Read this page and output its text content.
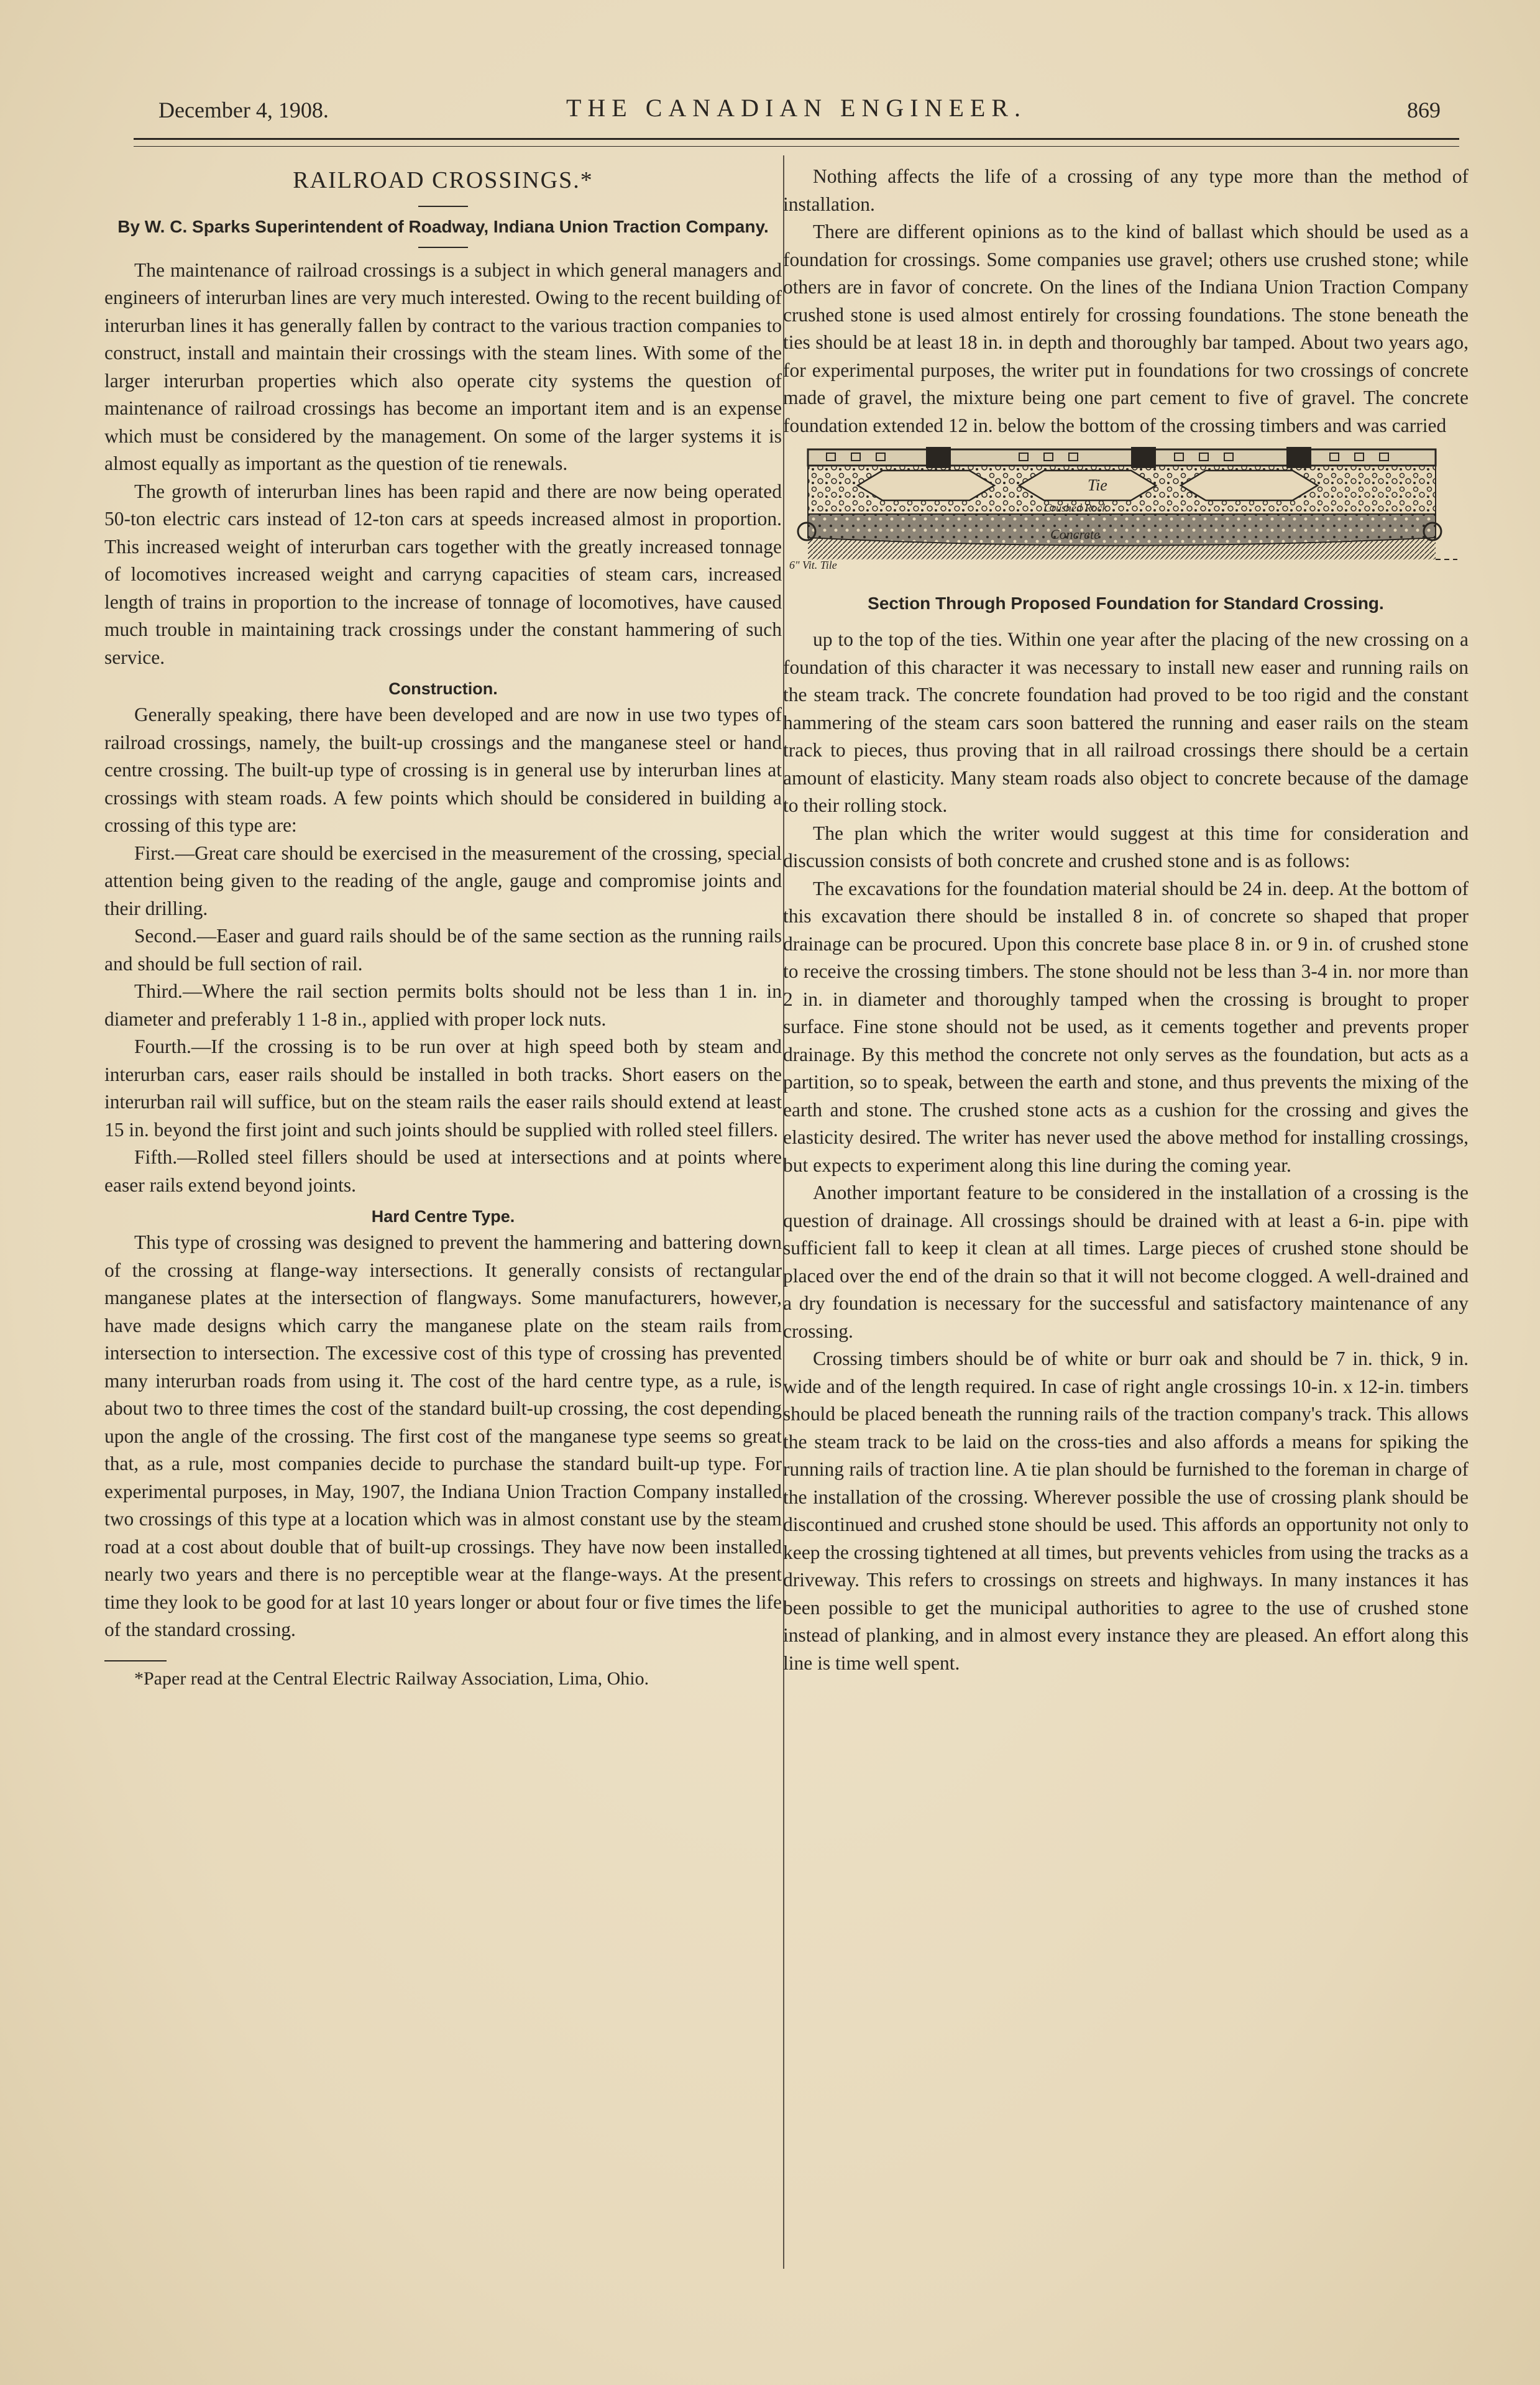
December 4, 1908.	THE CANADIAN ENGINEER.	869
RAILROAD CROSSINGS.*
By W. C. Sparks Superintendent of Roadway, Indiana Union Traction Company.

The maintenance of railroad crossings is a subject in which general managers and engineers of interurban lines are very much interested. Owing to the recent building of interurban lines it has generally fallen by contract to the various traction companies to construct, install and maintain their crossings with the steam lines. With some of the larger interurban properties which also operate city systems the question of maintenance of railroad crossings has become an important item and is an expense which must be considered by the management. On some of the larger systems it is almost equally as important as the question of tie renewals.

The growth of interurban lines has been rapid and there are now being operated 50-ton electric cars instead of 12-ton cars at speeds increased almost in proportion. This increased weight of interurban cars together with the greatly increased tonnage of locomotives increased weight and carryng capacities of steam cars, increased length of trains in proportion to the increase of tonnage of locomotives, have caused much trouble in maintaining track crossings under the constant hammering of such service.

Construction.

Generally speaking, there have been developed and are now in use two types of railroad crossings, namely, the built-up crossings and the manganese steel or hand centre crossing. The built-up type of crossing is in general use by interurban lines at crossings with steam roads. A few points which should be considered in building a crossing of this type are:

First.—Great care should be exercised in the measurement of the crossing, special attention being given to the reading of the angle, gauge and compromise joints and their drilling.

Second.—Easer and guard rails should be of the same section as the running rails and should be full section of rail.

Third.—Where the rail section permits bolts should not be less than 1 in. in diameter and preferably 1 1-8 in., applied with proper lock nuts.

Fourth.—If the crossing is to be run over at high speed both by steam and interurban cars, easer rails should be installed in both tracks. Short easers on the interurban rail will suffice, but on the steam rails the easer rails should extend at least 15 in. beyond the first joint and such joints should be supplied with rolled steel fillers.

Fifth.—Rolled steel fillers should be used at intersections and at points where easer rails extend beyond joints.

Hard Centre Type.

This type of crossing was designed to prevent the hammering and battering down of the crossing at flange-way intersections. It generally consists of rectangular manganese plates at the intersection of flangways. Some manufacturers, however, have made designs which carry the manganese plate on the steam rails from intersection to intersection. The excessive cost of this type of crossing has prevented many interurban roads from using it. The cost of the hard centre type, as a rule, is about two to three times the cost of the standard built-up crossing, the cost depending upon the angle of the crossing. The first cost of the manganese type seems so great that, as a rule, most companies decide to purchase the standard built-up type. For experimental purposes, in May, 1907, the Indiana Union Traction Company installed two crossings of this type at a location which was in almost constant use by the steam road at a cost about double that of built-up crossings. They have now been installed nearly two years and there is no perceptible wear at the flange-ways. At the present time they look to be good for at last 10 years longer or about four or five times the life of the standard crossing.

*Paper read at the Central Electric Railway Association, Lima, Ohio.

Nothing affects the life of a crossing of any type more than the method of installation.

There are different opinions as to the kind of ballast which should be used as a foundation for crossings. Some companies use gravel; others use crushed stone; while others are in favor of concrete. On the lines of the Indiana Union Traction Company crushed stone is used almost entirely for crossing foundations. The stone beneath the ties should be at least 18 in. in depth and thoroughly bar tamped. About two years ago, for experimental purposes, the writer put in foundations for two crossings of concrete made of gravel, the mixture being one part cement to five of gravel. The concrete foundation extended 12 in. below the bottom of the crossing timbers and was carried

Tie
Crushed Rock
Concrete
6" Vit. Tile
Section Through Proposed Foundation for Standard Crossing.

up to the top of the ties. Within one year after the placing of the new crossing on a foundation of this character it was necessary to install new easer and running rails on the steam track. The concrete foundation had proved to be too rigid and the constant hammering of the steam cars soon battered the running and easer rails on the steam track to pieces, thus proving that in all railroad crossings there should be a certain amount of elasticity. Many steam roads also object to concrete because of the damage to their rolling stock.

The plan which the writer would suggest at this time for consideration and discussion consists of both concrete and crushed stone and is as follows:

The excavations for the foundation material should be 24 in. deep. At the bottom of this excavation there should be installed 8 in. of concrete so shaped that proper drainage can be procured. Upon this concrete base place 8 in. or 9 in. of crushed stone to receive the crossing timbers. The stone should not be less than 3-4 in. nor more than 2 in. in diameter and thoroughly tamped when the crossing is brought to proper surface. Fine stone should not be used, as it cements together and prevents proper drainage. By this method the concrete not only serves as the foundation, but acts as a partition, so to speak, between the earth and stone, and thus prevents the mixing of the earth and stone. The crushed stone acts as a cushion for the crossing and gives the elasticity desired. The writer has never used the above method for installing crossings, but expects to experiment along this line during the coming year.

Another important feature to be considered in the installation of a crossing is the question of drainage. All crossings should be drained with at least a 6-in. pipe with sufficient fall to keep it clean at all times. Large pieces of crushed stone should be placed over the end of the drain so that it will not become clogged. A well-drained and a dry foundation is necessary for the successful and satisfactory maintenance of any crossing.

Crossing timbers should be of white or burr oak and should be 7 in. thick, 9 in. wide and of the length required. In case of right angle crossings 10-in. x 12-in. timbers should be placed beneath the running rails of the traction company's track. This allows the steam track to be laid on the cross-ties and also affords a means for spiking the running rails of traction line. A tie plan should be furnished to the foreman in charge of the installation of the crossing. Wherever possible the use of crossing plank should be discontinued and crushed stone should be used. This affords an opportunity not only to keep the crossing tightened at all times, but prevents vehicles from using the tracks as a driveway. This refers to crossings on streets and highways. In many instances it has been possible to get the municipal authorities to agree to the use of crushed stone instead of planking, and in almost every instance they are pleased. An effort along this line is time well spent.
